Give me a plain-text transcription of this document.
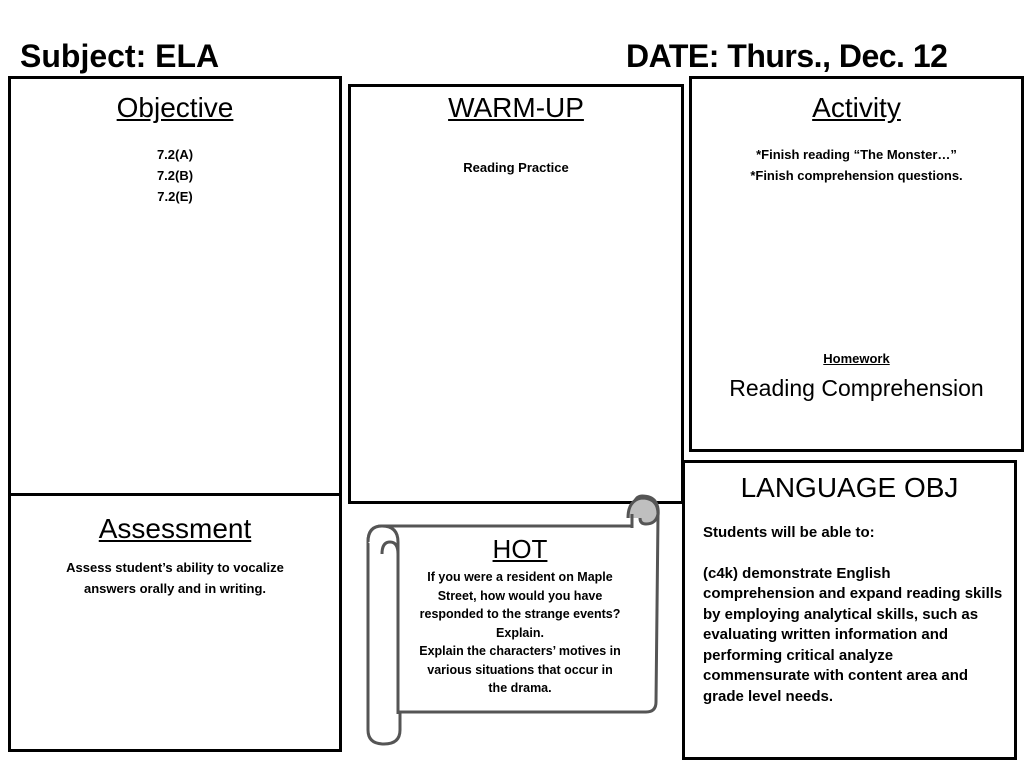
Subject: ELA	DATE: Thurs., Dec. 12
Objective
7.2(A)
7.2(B)
7.2(E)
WARM-UP
Reading Practice
Activity
*Finish reading “The Monster…”
*Finish comprehension questions.
Homework
Reading Comprehension
Assessment
Assess student’s ability to vocalize
answers orally and in writing.
LANGUAGE OBJ
Students will be able to:
(c4k) demonstrate English comprehension and expand reading skills by employing analytical skills, such as evaluating written information and performing critical analyze commensurate with content area and grade level needs.
HOT
If you were a resident on Maple
Street, how would you have
responded to the strange events?
Explain.
Explain the characters’ motives in
various situations that occur in
the drama.
